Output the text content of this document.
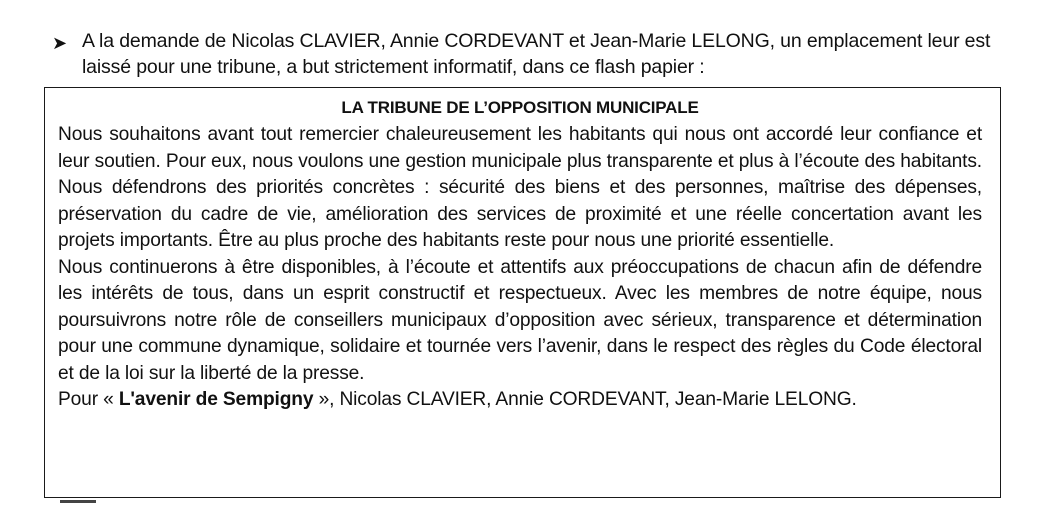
➤ A la demande de Nicolas CLAVIER, Annie CORDEVANT et Jean-Marie LELONG, un emplacement leur est laissé pour une tribune, a but strictement informatif, dans ce flash papier :
LA TRIBUNE DE L’OPPOSITION MUNICIPALE

Nous souhaitons avant tout remercier chaleureusement les habitants qui nous ont accordé leur confiance et leur soutien. Pour eux, nous voulons une gestion municipale plus transparente et plus à l’écoute des habitants. Nous défendrons des priorités concrètes : sécurité des biens et des personnes, maîtrise des dépenses, préservation du cadre de vie, amélioration des services de proximité et une réelle concertation avant les projets importants. Être au plus proche des habitants reste pour nous une priorité essentielle.

Nous continuerons à être disponibles, à l’écoute et attentifs aux préoccupations de chacun afin de défendre les intérêts de tous, dans un esprit constructif et respectueux. Avec les membres de notre équipe, nous poursuivrons notre rôle de conseillers municipaux d’opposition avec sérieux, transparence et détermination pour une commune dynamique, solidaire et tournée vers l’avenir, dans le respect des règles du Code électoral et de la loi sur la liberté de la presse.

Pour « L'avenir de Sempigny », Nicolas CLAVIER, Annie CORDEVANT, Jean-Marie LELONG.
